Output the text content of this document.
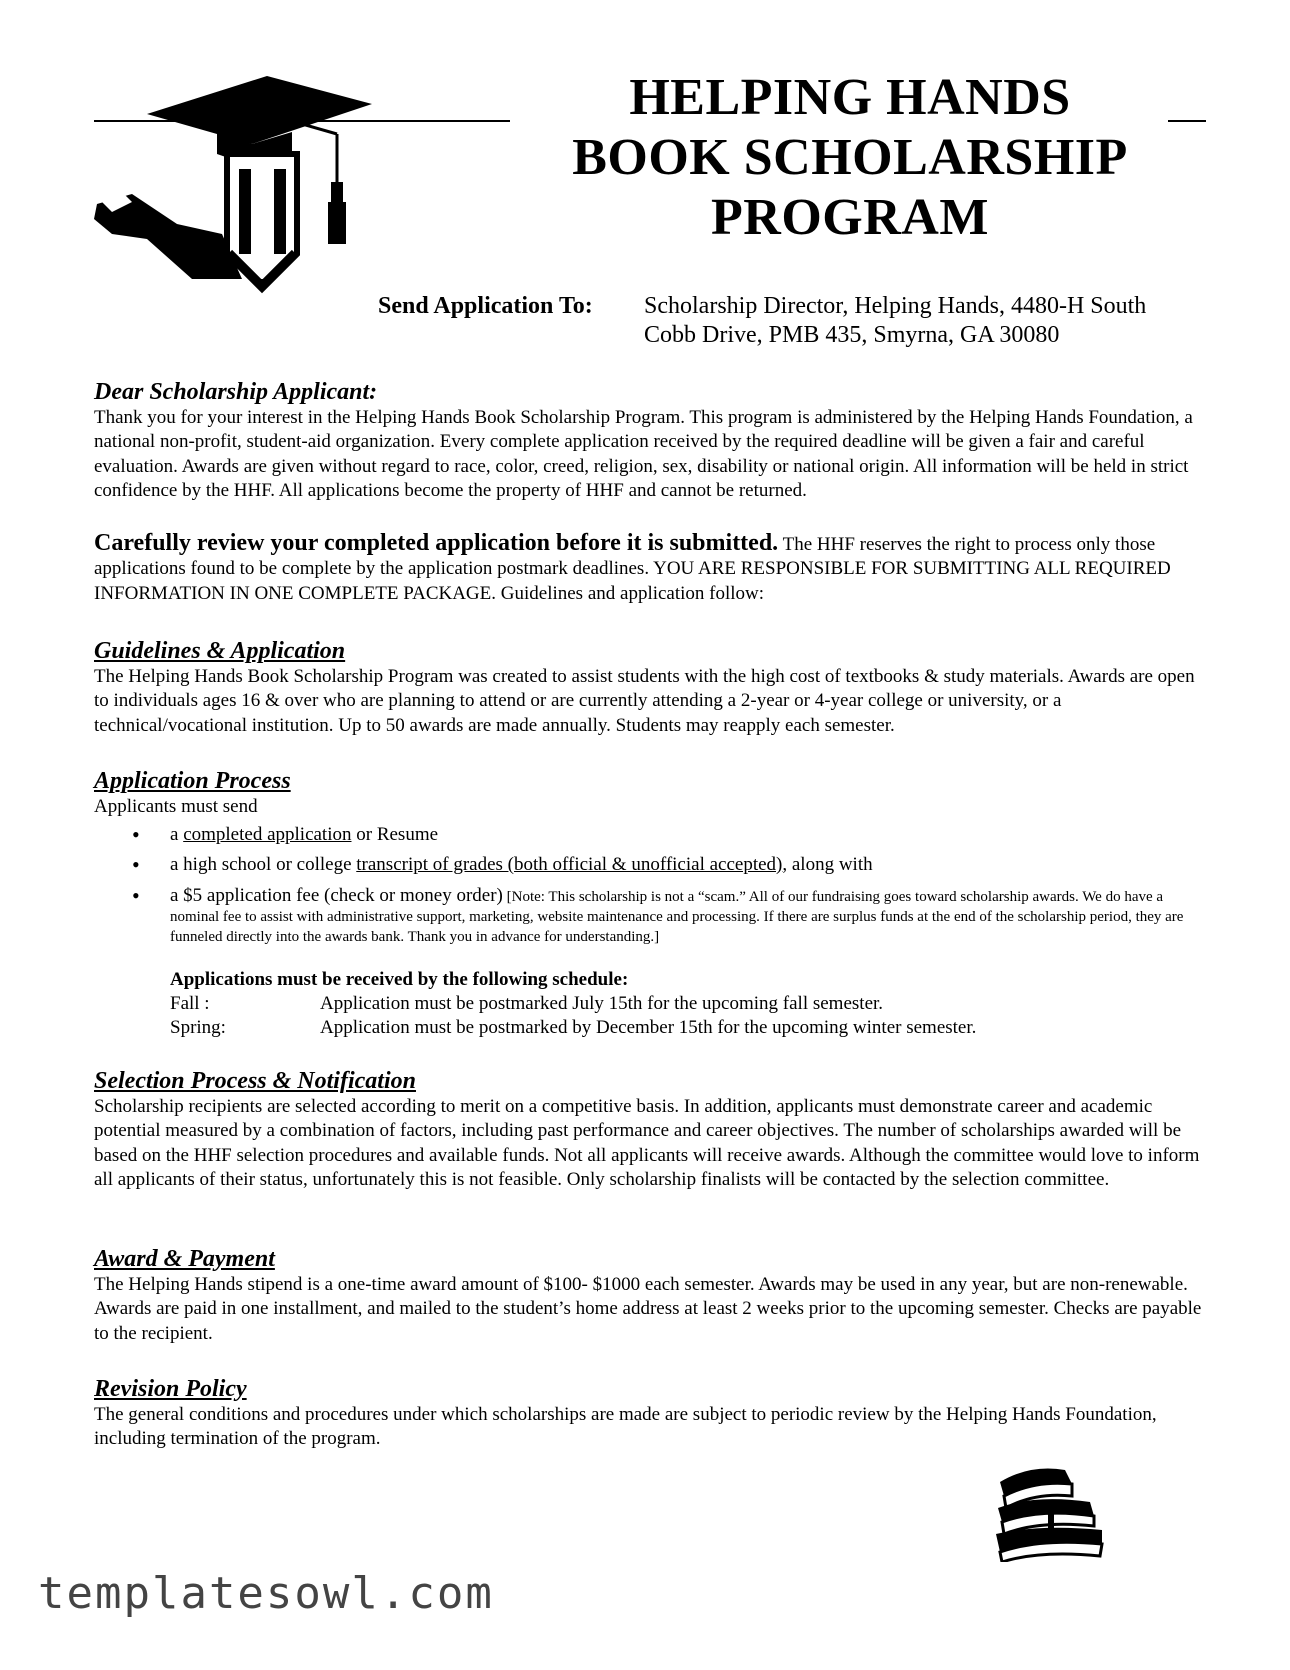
HELPING HANDS
BOOK SCHOLARSHIP
PROGRAM
Send Application To: Scholarship Director, Helping Hands, 4480-H South
Cobb Drive, PMB 435, Smyrna, GA 30080
Dear Scholarship Applicant:
Thank you for your interest in the Helping Hands Book Scholarship Program. This program is administered by the Helping Hands Foundation, a national non-profit, student-aid organization. Every complete application received by the required deadline will be given a fair and careful evaluation. Awards are given without regard to race, color, creed, religion, sex, disability or national origin. All information will be held in strict confidence by the HHF. All applications become the property of HHF and cannot be returned.
Carefully review your completed application before it is submitted. The HHF reserves the right to process only those applications found to be complete by the application postmark deadlines. YOU ARE RESPONSIBLE FOR SUBMITTING ALL REQUIRED INFORMATION IN ONE COMPLETE PACKAGE. Guidelines and application follow:
Guidelines & Application
The Helping Hands Book Scholarship Program was created to assist students with the high cost of textbooks & study materials. Awards are open to individuals ages 16 & over who are planning to attend or are currently attending a 2-year or 4-year college or university, or a technical/vocational institution. Up to 50 awards are made annually. Students may reapply each semester.
Application Process
Applicants must send
• a completed application or Resume
• a high school or college transcript of grades (both official & unofficial accepted), along with
• a $5 application fee (check or money order) [Note: This scholarship is not a “scam.” All of our fundraising goes toward scholarship awards. We do have a nominal fee to assist with administrative support, marketing, website maintenance and processing. If there are surplus funds at the end of the scholarship period, they are funneled directly into the awards bank. Thank you in advance for understanding.]
Applications must be received by the following schedule:
Fall :	Application must be postmarked July 15th for the upcoming fall semester.
Spring:	Application must be postmarked by December 15th for the upcoming winter semester.
Selection Process & Notification
Scholarship recipients are selected according to merit on a competitive basis. In addition, applicants must demonstrate career and academic potential measured by a combination of factors, including past performance and career objectives. The number of scholarships awarded will be based on the HHF selection procedures and available funds. Not all applicants will receive awards. Although the committee would love to inform all applicants of their status, unfortunately this is not feasible. Only scholarship finalists will be contacted by the selection committee.
Award & Payment
The Helping Hands stipend is a one-time award amount of $100- $1000 each semester. Awards may be used in any year, but are non-renewable. Awards are paid in one installment, and mailed to the student’s home address at least 2 weeks prior to the upcoming semester. Checks are payable to the recipient.
Revision Policy
The general conditions and procedures under which scholarships are made are subject to periodic review by the Helping Hands Foundation, including termination of the program.
templatesowl.com
